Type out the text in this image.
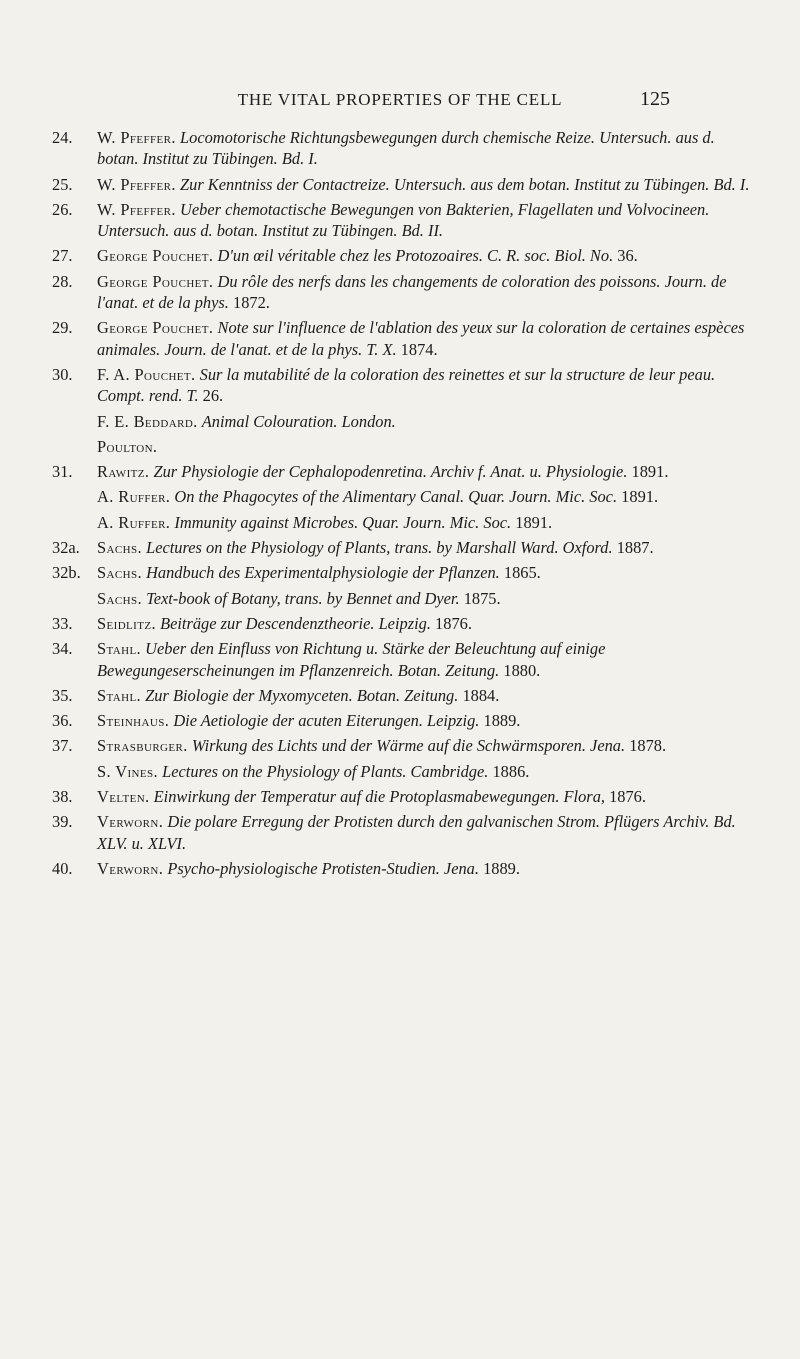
THE VITAL PROPERTIES OF THE CELL	125
24. W. Pfeffer. Locomotorische Richtungsbewegungen durch chemische Reize. Untersuch. aus d. botan. Institut zu Tübingen. Bd. I.
25. W. Pfeffer. Zur Kenntniss der Contactreize. Untersuch. aus dem botan. Institut zu Tübingen. Bd. I.
26. W. Pfeffer. Ueber chemotactische Bewegungen von Bakterien, Flagellaten und Volvocineen. Untersuch. aus d. botan. Institut zu Tübingen. Bd. II.
27. George Pouchet. D'un œil véritable chez les Protozoaires. C. R. soc. Biol. No. 36.
28. George Pouchet. Du rôle des nerfs dans les changements de coloration des poissons. Journ. de l'anat. et de la phys. 1872.
29. George Pouchet. Note sur l'influence de l'ablation des yeux sur la coloration de certaines espèces animales. Journ. de l'anat. et de la phys. T. X. 1874.
30. F. A. Pouchet. Sur la mutabilité de la coloration des reinettes et sur la structure de leur peau. Compt. rend. T. 26.
F. E. Beddard. Animal Colouration. London.
Poulton.
31. Rawitz. Zur Physiologie der Cephalopodenretina. Archiv f. Anat. u. Physiologie. 1891.
A. Ruffer. On the Phagocytes of the Alimentary Canal. Quar. Journ. Mic. Soc. 1891.
A. Ruffer. Immunity against Microbes. Quar. Journ. Mic. Soc. 1891.
32a. Sachs. Lectures on the Physiology of Plants, trans. by Marshall Ward. Oxford. 1887.
32b. Sachs. Handbuch des Experimentalphysiologie der Pflanzen. 1865.
Sachs. Text-book of Botany, trans. by Bennet and Dyer. 1875.
33. Seidlitz. Beiträge zur Descendenztheorie. Leipzig. 1876.
34. Stahl. Ueber den Einfluss von Richtung u. Stärke der Beleuchtung auf einige Bewegungeserscheinungen im Pflanzenreich. Botan. Zeitung. 1880.
35. Stahl. Zur Biologie der Myxomyceten. Botan. Zeitung. 1884.
36. Steinhaus. Die Aetiologie der acuten Eiterungen. Leipzig. 1889.
37. Strasburger. Wirkung des Lichts und der Wärme auf die Schwärmsporen. Jena. 1878.
S. Vines. Lectures on the Physiology of Plants. Cambridge. 1886.
38. Velten. Einwirkung der Temperatur auf die Protoplasmabewegungen. Flora, 1876.
39. Verworn. Die polare Erregung der Protisten durch den galvanischen Strom. Pflügers Archiv. Bd. XLV. u. XLVI.
40. Verworn. Psycho-physiologische Protisten-Studien. Jena. 1889.
